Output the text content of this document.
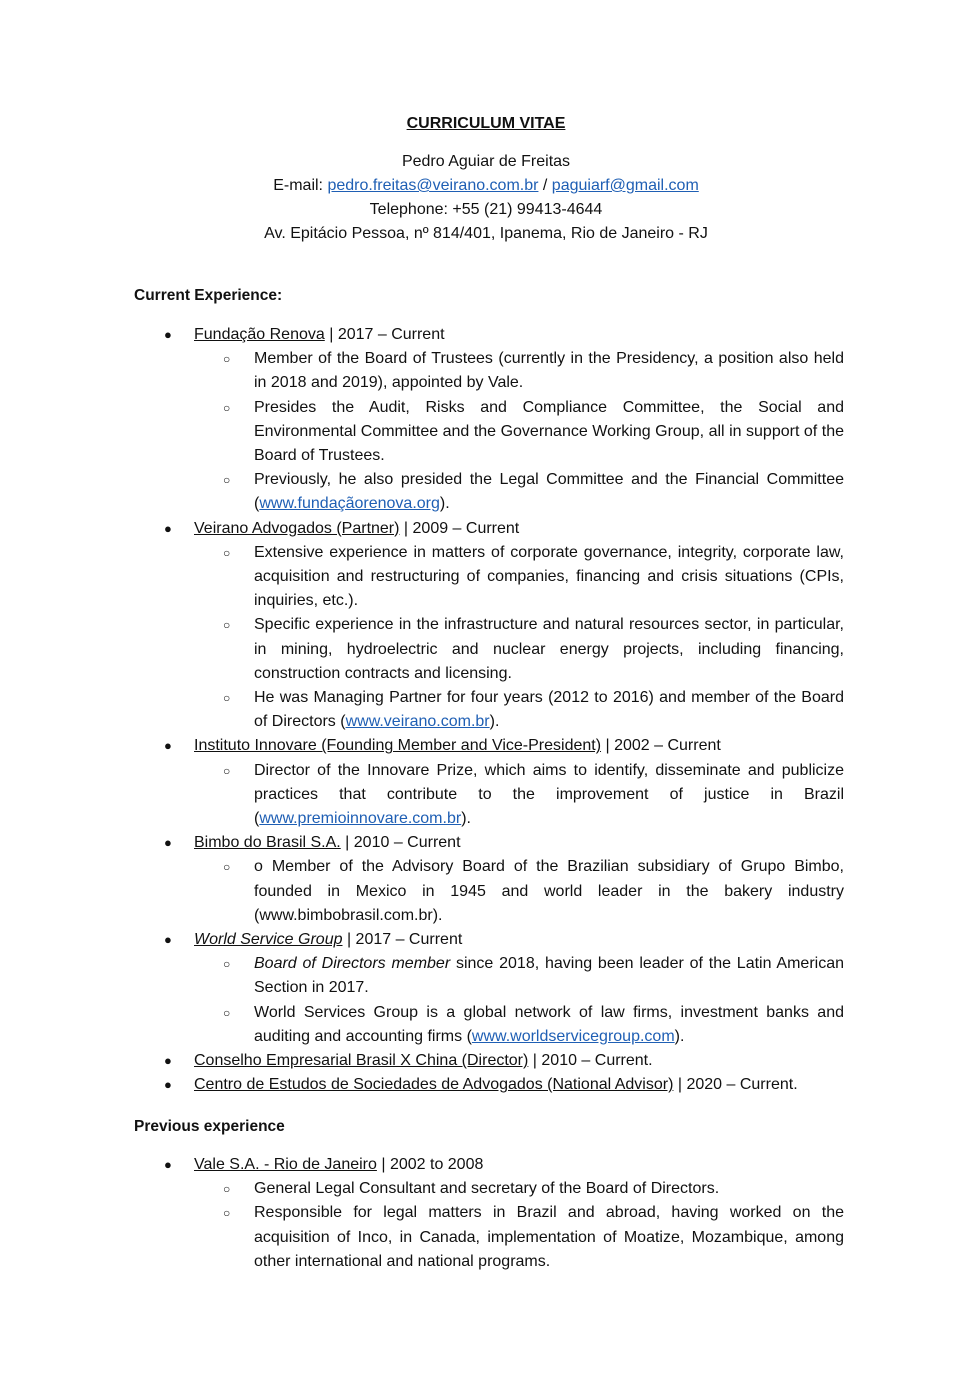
CURRICULUM VITAE
Pedro Aguiar de Freitas
E-mail: pedro.freitas@veirano.com.br / paguiarf@gmail.com
Telephone: +55 (21) 99413-4644
Av. Epitácio Pessoa, nº 814/401, Ipanema, Rio de Janeiro - RJ
Current Experience:
● Fundação Renova | 2017 – Current
○ Member of the Board of Trustees (currently in the Presidency, a position also held in 2018 and 2019), appointed by Vale.
○ Presides the Audit, Risks and Compliance Committee, the Social and Environmental Committee and the Governance Working Group, all in support of the Board of Trustees.
○ Previously, he also presided the Legal Committee and the Financial Committee (www.fundaçãorenova.org).
● Veirano Advogados (Partner) | 2009 – Current
○ Extensive experience in matters of corporate governance, integrity, corporate law, acquisition and restructuring of companies, financing and crisis situations (CPIs, inquiries, etc.).
○ Specific experience in the infrastructure and natural resources sector, in particular, in mining, hydroelectric and nuclear energy projects, including financing, construction contracts and licensing.
○ He was Managing Partner for four years (2012 to 2016) and member of the Board of Directors (www.veirano.com.br).
● Instituto Innovare (Founding Member and Vice-President) | 2002 – Current
○ Director of the Innovare Prize, which aims to identify, disseminate and publicize practices that contribute to the improvement of justice in Brazil (www.premioinnovare.com.br).
● Bimbo do Brasil S.A. | 2010 – Current
○ o Member of the Advisory Board of the Brazilian subsidiary of Grupo Bimbo, founded in Mexico in 1945 and world leader in the bakery industry (www.bimbobrasil.com.br).
● World Service Group | 2017 – Current
○ Board of Directors member since 2018, having been leader of the Latin American Section in 2017.
○ World Services Group is a global network of law firms, investment banks and auditing and accounting firms (www.worldservicegroup.com).
● Conselho Empresarial Brasil X China (Director) | 2010 – Current.
● Centro de Estudos de Sociedades de Advogados (National Advisor) | 2020 – Current.
Previous experience
● Vale S.A. - Rio de Janeiro | 2002 to 2008
○ General Legal Consultant and secretary of the Board of Directors.
○ Responsible for legal matters in Brazil and abroad, having worked on the acquisition of Inco, in Canada, implementation of Moatize, Mozambique, among other international and national programs.
